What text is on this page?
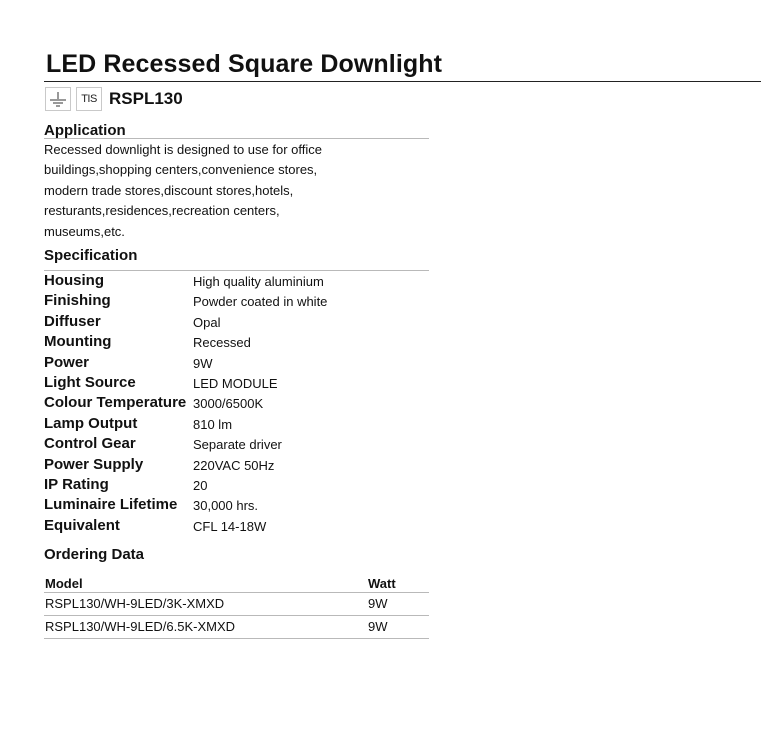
LED Recessed Square Downlight
TIS RSPL130
Application
Recessed downlight is designed to use for office
buildings,shopping centers,convenience stores,
modern trade stores,discount stores,hotels,
resturants,residences,recreation centers,
museums,etc.
Specification
Housing	High quality aluminium
Finishing	Powder coated in white
Diffuser	Opal
Mounting	Recessed
Power	9W
Light Source	LED MODULE
Colour Temperature 3000/6500K
Lamp Output	810 lm
Control Gear	Separate driver
Power Supply	220VAC 50Hz
IP Rating	20
Luminaire Lifetime 30,000 hrs.
Equivalent	CFL 14-18W
Ordering Data
Model	Watt
RSPL130/WH-9LED/3K-XMXD	9W
RSPL130/WH-9LED/6.5K-XMXD	9W
